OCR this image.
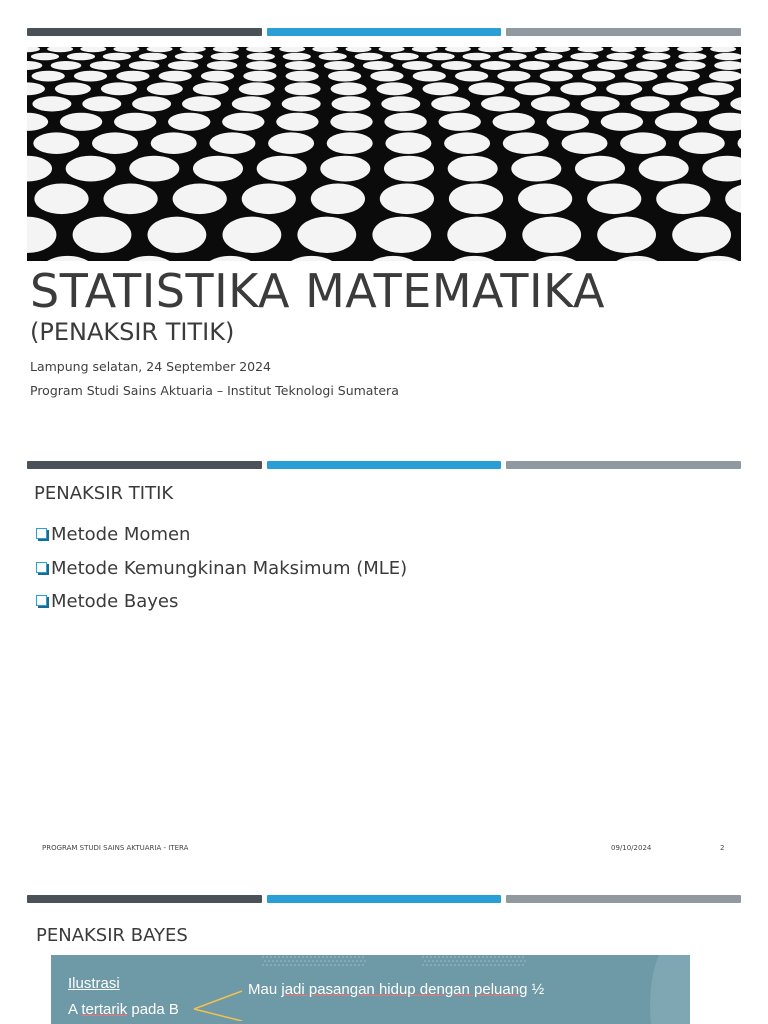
STATISTIKA MATEMATIKA
(PENAKSIR TITIK)
Lampung selatan, 24 September 2024
Program Studi Sains Aktuaria – Institut Teknologi Sumatera
PENAKSIR TITIK
Metode Momen
Metode Kemungkinan Maksimum (MLE)
Metode Bayes
PROGRAM STUDI SAINS AKTUARIA - ITERA	09/10/2024	2
PENAKSIR BAYES
Ilustrasi
A tertarik pada B
Mau jadi pasangan hidup dengan peluang ½
